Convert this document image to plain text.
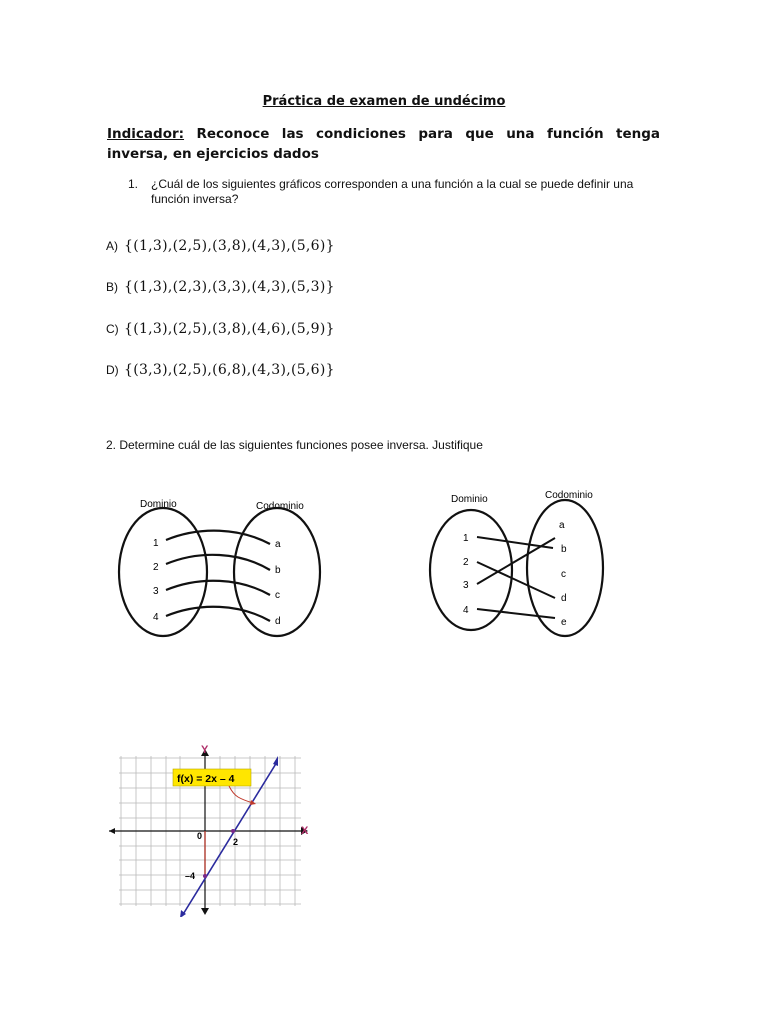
Práctica de examen de undécimo
Indicador: Reconoce las condiciones para que una función tenga inversa, en ejercicios dados
1. ¿Cuál de los siguientes gráficos corresponden a una función a la cual se puede definir una función inversa?
A) {(1,3),(2,5),(3,8),(4,3),(5,6)}
B) {(1,3),(2,3),(3,3),(4,3),(5,3)}
C) {(1,3),(2,5),(3,8),(4,6),(5,9)}
D) {(3,3),(2,5),(6,8),(4,3),(5,6)}
2. Determine cuál de las siguientes funciones posee inversa. Justifique
Dominio	Codominio
1
2
3
4
a
b
c
d
Dominio	Codominio
1
2
3
4
a
b
c
d
e
Y
X
0
2
–4
f(x) = 2x – 4
